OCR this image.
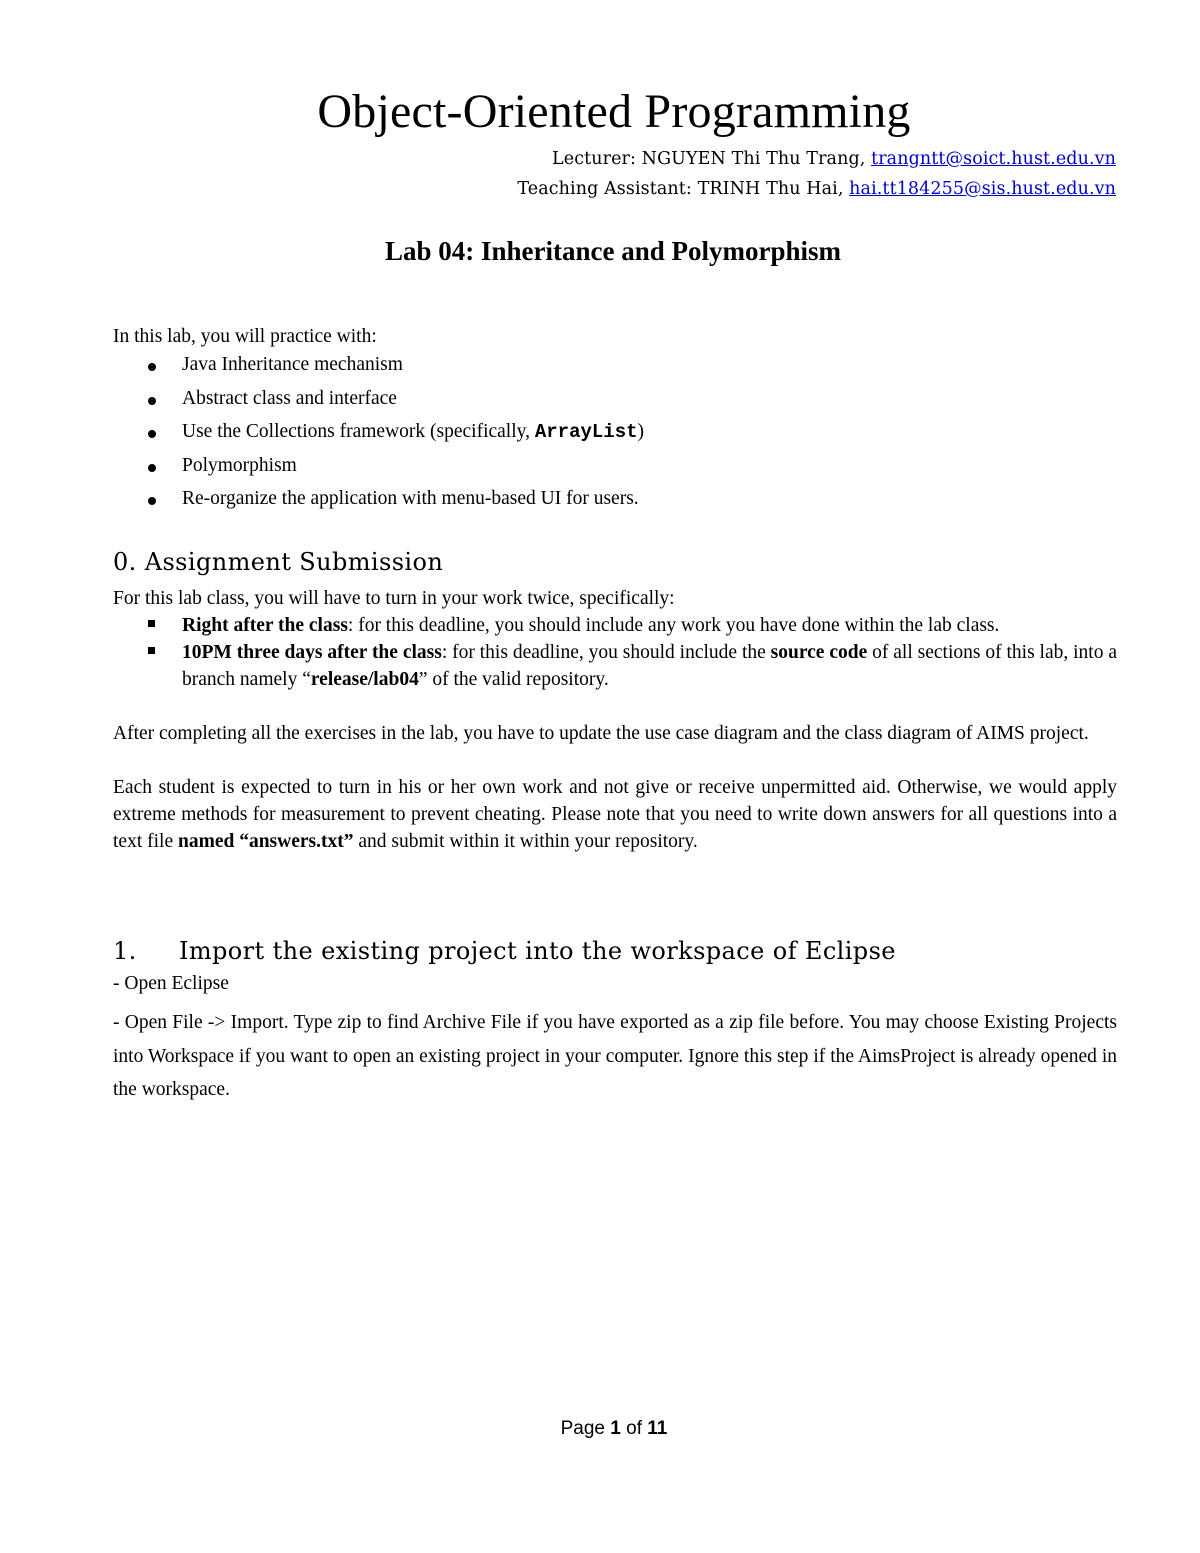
Object-Oriented Programming
Lecturer: NGUYEN Thi Thu Trang, trangntt@soict.hust.edu.vn
Teaching Assistant: TRINH Thu Hai, hai.tt184255@sis.hust.edu.vn
Lab 04: Inheritance and Polymorphism
In this lab, you will practice with:
Java Inheritance mechanism
Abstract class and interface
Use the Collections framework (specifically, ArrayList)
Polymorphism
Re-organize the application with menu-based UI for users.
0. Assignment Submission
For this lab class, you will have to turn in your work twice, specifically:
Right after the class: for this deadline, you should include any work you have done within the lab class.
10PM three days after the class: for this deadline, you should include the source code of all sections of this lab, into a branch namely “release/lab04” of the valid repository.
After completing all the exercises in the lab, you have to update the use case diagram and the class diagram of AIMS project.
Each student is expected to turn in his or her own work and not give or receive unpermitted aid. Otherwise, we would apply extreme methods for measurement to prevent cheating. Please note that you need to write down answers for all questions into a text file named “answers.txt” and submit within it within your repository.
1. Import the existing project into the workspace of Eclipse
- Open Eclipse
- Open File -> Import. Type zip to find Archive File if you have exported as a zip file before. You may choose Existing Projects into Workspace if you want to open an existing project in your computer. Ignore this step if the AimsProject is already opened in the workspace.
Page 1 of 11
